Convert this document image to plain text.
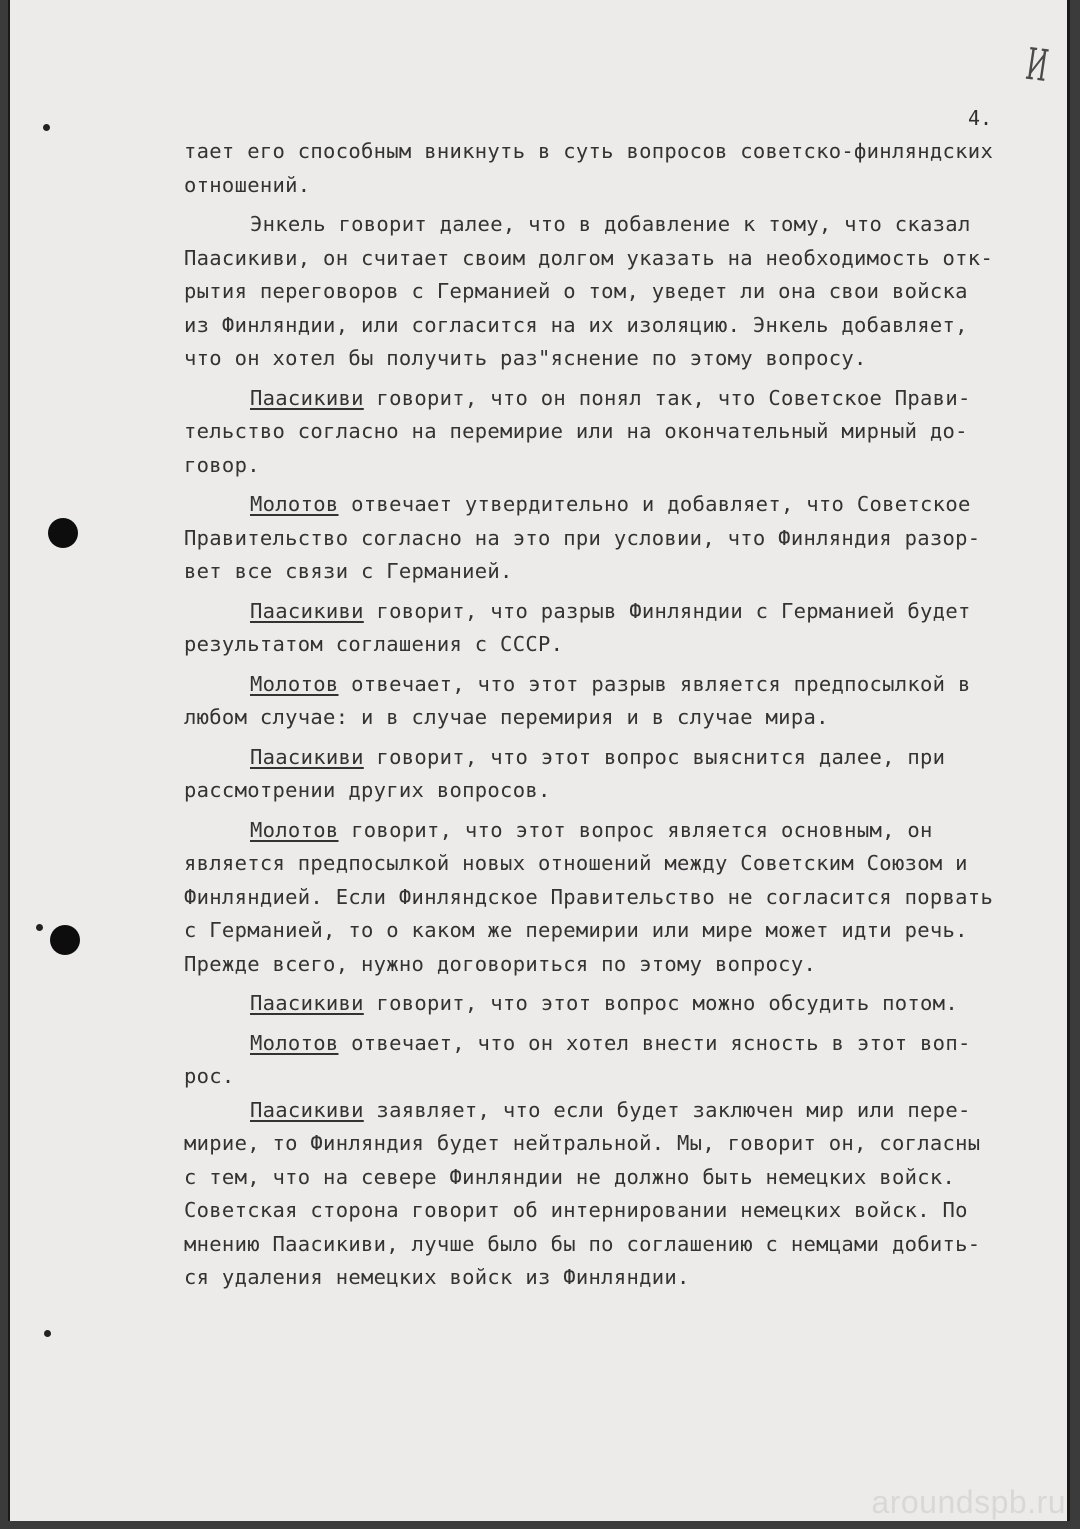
И
4.
тает его способным вникнуть в суть вопросов советско-финляндских
отношений.
Энкель говорит далее, что в добавление к тому, что сказал
Паасикиви, он считает своим долгом указать на необходимость отк-
рытия переговоров с Германией о том, уведет ли она свои войска
из Финляндии, или согласится на их изоляцию. Энкель добавляет,
что он хотел бы получить раз"яснение по этому вопросу.
Паасикиви говорит, что он понял так, что Советское Прави-
тельство согласно на перемирие или на окончательный мирный до-
говор.
Молотов отвечает утвердительно и добавляет, что Советское
Правительство согласно на это при условии, что Финляндия разор-
вет все связи с Германией.
Паасикиви говорит, что разрыв Финляндии с Германией будет
результатом соглашения с СССР.
Молотов отвечает, что этот разрыв является предпосылкой в
любом случае: и в случае перемирия и в случае мира.
Паасикиви говорит, что этот вопрос выяснится далее, при
рассмотрении других вопросов.
Молотов говорит, что этот вопрос является основным, он
является предпосылкой новых отношений между Советским Союзом и
Финляндией. Если Финляндское Правительство не согласится порвать
с Германией, то о каком же перемирии или мире может идти речь.
Прежде всего, нужно договориться по этому вопросу.
Паасикиви говорит, что этот вопрос можно обсудить потом.
Молотов отвечает, что он хотел внести ясность в этот воп-
рос.
Паасикиви заявляет, что если будет заключен мир или пере-
мирие, то Финляндия будет нейтральной. Мы, говорит он, согласны
с тем, что на севере Финляндии не должно быть немецких войск.
Советская сторона говорит об интернировании немецких войск. По
мнению Паасикиви, лучше было бы по соглашению с немцами добить-
ся удаления немецких войск из Финляндии.
aroundspb.ru
